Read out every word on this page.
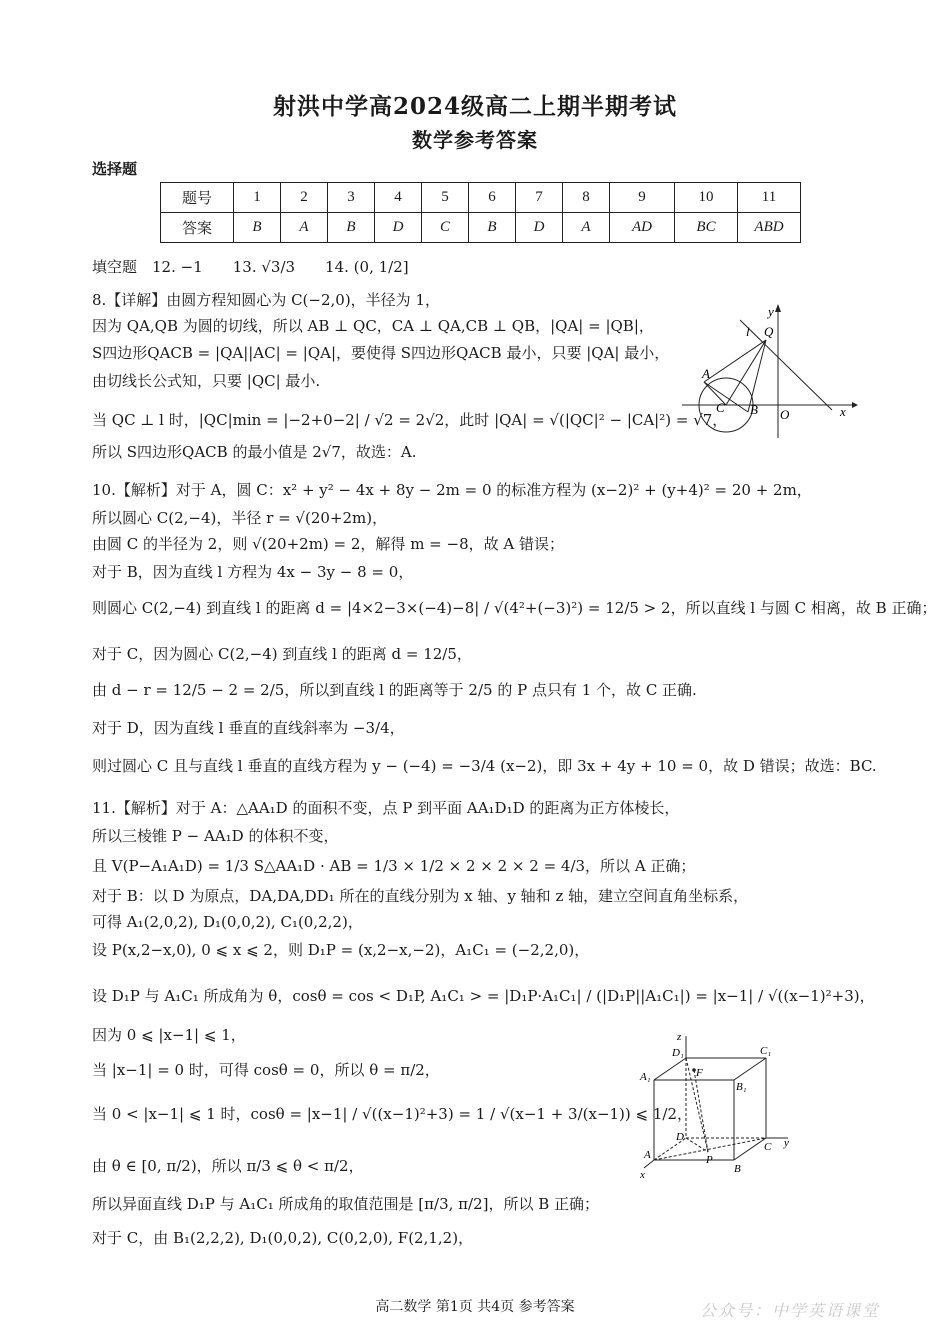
射洪中学高2024级高二上期半期考试
数学参考答案
选择题
题号	1	2	3	4	5	6	7	8	9	10	11
答案	B	A	B	D	C	B	D	A	AD	BC	ABD
填空题　12. −1　　13. √3/3　　14. (0, 1/2]
8.【详解】由圆方程知圆心为 C(−2,0)，半径为 1，
因为 QA,QB 为圆的切线，所以 AB ⊥ QC，CA ⊥ QA,CB ⊥ QB，|QA| = |QB|，
S四边形QACB = |QA||AC| = |QA|，要使得 S四边形QACB 最小，只要 |QA| 最小，
由切线长公式知，只要 |QC| 最小.
当 QC ⊥ l 时，|QC|min = |−2+0−2| / √2 = 2√2，此时 |QA| = √(|QC|² − |CA|²) = √7，
所以 S四边形QACB 的最小值是 2√7，故选：A.
y
Q
l
A
C B O	x
10.【解析】对于 A，圆 C：x² + y² − 4x + 8y − 2m = 0 的标准方程为 (x−2)² + (y+4)² = 20 + 2m，
所以圆心 C(2,−4)，半径 r = √(20+2m)，
由圆 C 的半径为 2，则 √(20+2m) = 2，解得 m = −8，故 A 错误；
对于 B，因为直线 l 方程为 4x − 3y − 8 = 0，
则圆心 C(2,−4) 到直线 l 的距离 d = |4×2−3×(−4)−8| / √(4²+(−3)²) = 12/5 > 2，所以直线 l 与圆 C 相离，故 B 正确；
对于 C，因为圆心 C(2,−4) 到直线 l 的距离 d = 12/5，
由 d − r = 12/5 − 2 = 2/5，所以到直线 l 的距离等于 2/5 的 P 点只有 1 个，故 C 正确.
对于 D，因为直线 l 垂直的直线斜率为 −3/4，
则过圆心 C 且与直线 l 垂直的直线方程为 y − (−4) = −3/4 (x−2)，即 3x + 4y + 10 = 0，故 D 错误；故选：BC.
11.【解析】对于 A：△AA₁D 的面积不变，点 P 到平面 AA₁D₁D 的距离为正方体棱长，
所以三棱锥 P − AA₁D 的体积不变，
且 V(P−A₁A₁D) = 1/3 S△AA₁D · AB = 1/3 × 1/2 × 2 × 2 × 2 = 4/3，所以 A 正确；
对于 B：以 D 为原点，DA,DA,DD₁ 所在的直线分别为 x 轴、y 轴和 z 轴，建立空间直角坐标系，
可得 A₁(2,0,2), D₁(0,0,2), C₁(0,2,2)，
设 P(x,2−x,0), 0 ⩽ x ⩽ 2，则 D₁P = (x,2−x,−2)，A₁C₁ = (−2,2,0)，
设 D₁P 与 A₁C₁ 所成角为 θ，cosθ = cos < D₁P, A₁C₁ > = |D₁P·A₁C₁| / (|D₁P||A₁C₁|) = |x−1| / √((x−1)²+3)，
因为 0 ⩽ |x−1| ⩽ 1，
当 |x−1| = 0 时，可得 cosθ = 0，所以 θ = π/2，
当 0 < |x−1| ⩽ 1 时，cosθ = |x−1| / √((x−1)²+3) = 1 / √(x−1 + 3/(x−1)) ⩽ 1/2，
由 θ ∈ [0, π/2)，所以 π/3 ⩽ θ < π/2，
所以异面直线 D₁P 与 A₁C₁ 所成角的取值范围是 [π/3, π/2]，所以 B 正确；
对于 C，由 B₁(2,2,2), D₁(0,0,2), C(0,2,0), F(2,1,2)，
z
D₁	C₁
A₁	F
B₁
D
A	P
C y
B
x
高二数学 第1页 共4页 参考答案	公众号：中学英语课堂
